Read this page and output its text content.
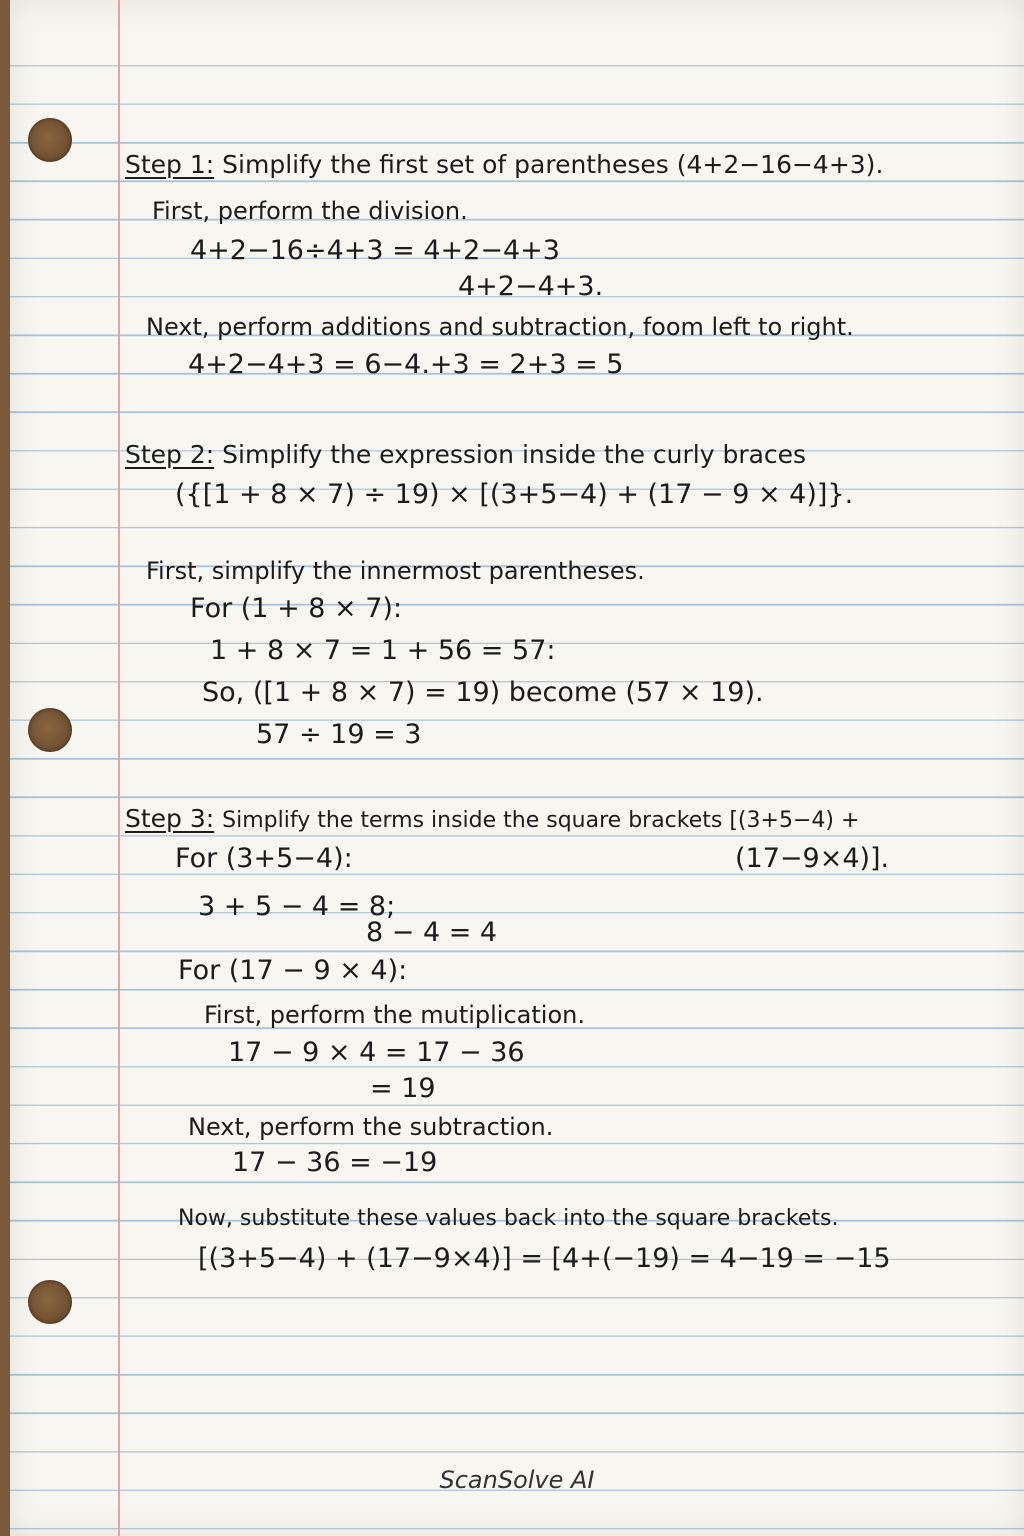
Step 1: Simplify the first set of parentheses (4+2−16−4+3).
First, perform the division.
4+2−16÷4+3 = 4+2−4+3
4+2−4+3.
Next, perform additions and subtraction, foom left to right.
4+2−4+3 = 6−4.+3 = 2+3 = 5
Step 2: Simplify the expression inside the curly braces
({[1 + 8 × 7) ÷ 19) × [(3+5−4) + (17 − 9 × 4)]}.
First, simplify the innermost parentheses.
For (1 + 8 × 7):
1 + 8 × 7 = 1 + 56 = 57:
So, ([1 + 8 × 7) = 19) become (57 × 19).
57 ÷ 19 = 3
Step 3: Simplify the terms inside the square brackets [(3+5−4) +
(17−9×4)].
For (3+5−4):
3 + 5 − 4 = 8;
8 − 4 = 4
For (17 − 9 × 4):
First, perform the mutiplication.
17 − 9 × 4 = 17 − 36
= 19
Next, perform the subtraction.
17 − 36 = −19
Now, substitute these values back into the square brackets.
[(3+5−4) + (17−9×4)] = [4+(−19) = 4−19 = −15
ScanSolve AI
